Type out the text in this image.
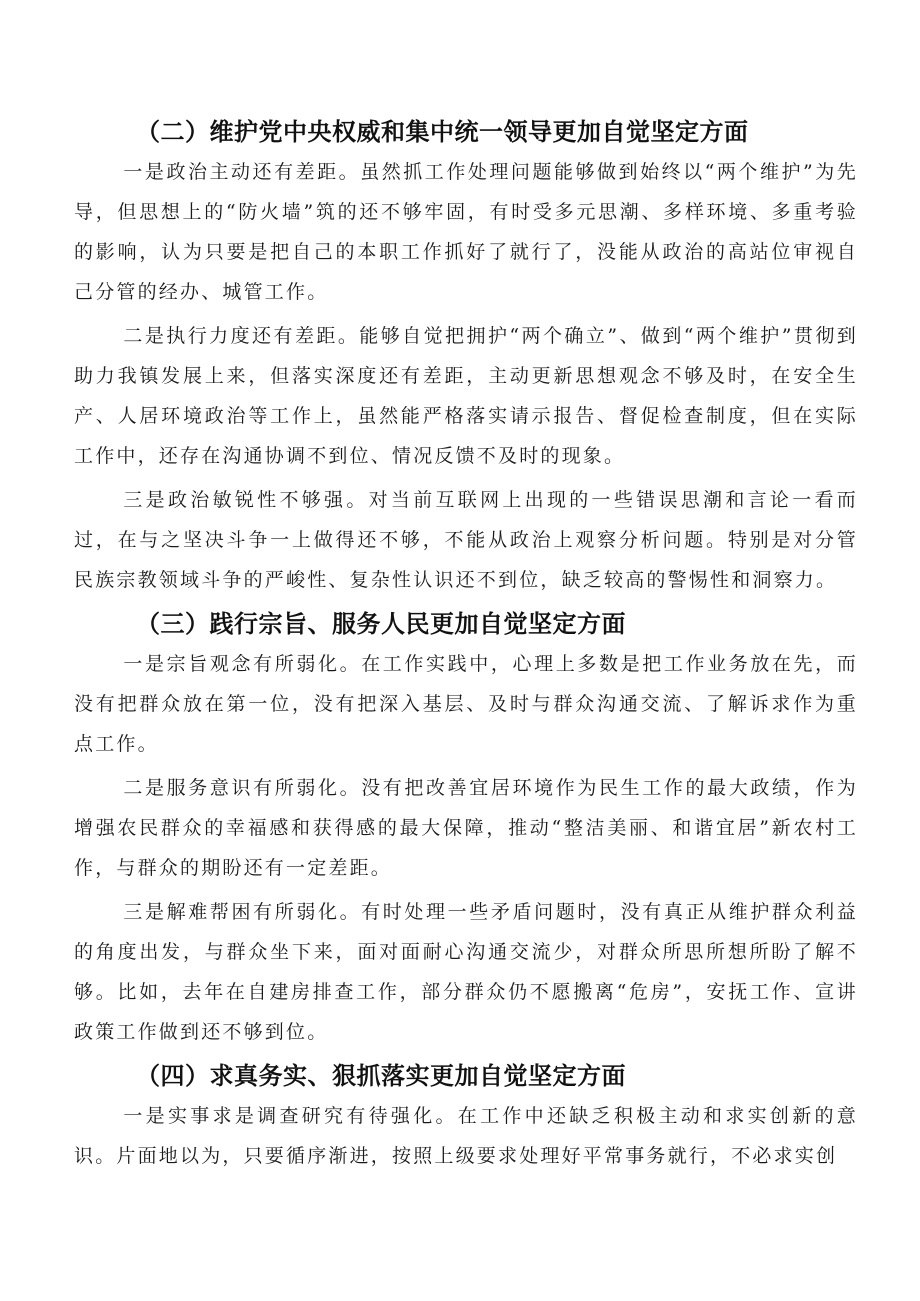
（二）维护党中央权威和集中统一领导更加自觉坚定方面

一是政治主动还有差距。虽然抓工作处理问题能够做到始终以“两个维护”为先导，但思想上的“防火墙”筑的还不够牢固，有时受多元思潮、多样环境、多重考验的影响，认为只要是把自己的本职工作抓好了就行了，没能从政治的高站位审视自己分管的经办、城管工作。

二是执行力度还有差距。能够自觉把拥护“两个确立”、做到“两个维护”贯彻到助力我镇发展上来，但落实深度还有差距，主动更新思想观念不够及时，在安全生产、人居环境政治等工作上，虽然能严格落实请示报告、督促检查制度，但在实际工作中，还存在沟通协调不到位、情况反馈不及时的现象。

三是政治敏锐性不够强。对当前互联网上出现的一些错误思潮和言论一看而过，在与之坚决斗争一上做得还不够，不能从政治上观察分析问题。特别是对分管民族宗教领域斗争的严峻性、复杂性认识还不到位，缺乏较高的警惕性和洞察力。

（三）践行宗旨、服务人民更加自觉坚定方面

一是宗旨观念有所弱化。在工作实践中，心理上多数是把工作业务放在先，而没有把群众放在第一位，没有把深入基层、及时与群众沟通交流、了解诉求作为重点工作。

二是服务意识有所弱化。没有把改善宜居环境作为民生工作的最大政绩，作为增强农民群众的幸福感和获得感的最大保障，推动“整洁美丽、和谐宜居”新农村工作，与群众的期盼还有一定差距。

三是解难帮困有所弱化。有时处理一些矛盾问题时，没有真正从维护群众利益的角度出发，与群众坐下来，面对面耐心沟通交流少，对群众所思所想所盼了解不够。比如，去年在自建房排查工作，部分群众仍不愿搬离“危房”，安抚工作、宣讲政策工作做到还不够到位。

（四）求真务实、狠抓落实更加自觉坚定方面

一是实事求是调查研究有待强化。在工作中还缺乏积极主动和求实创新的意识。片面地以为，只要循序渐进，按照上级要求处理好平常事务就行，不必求实创
